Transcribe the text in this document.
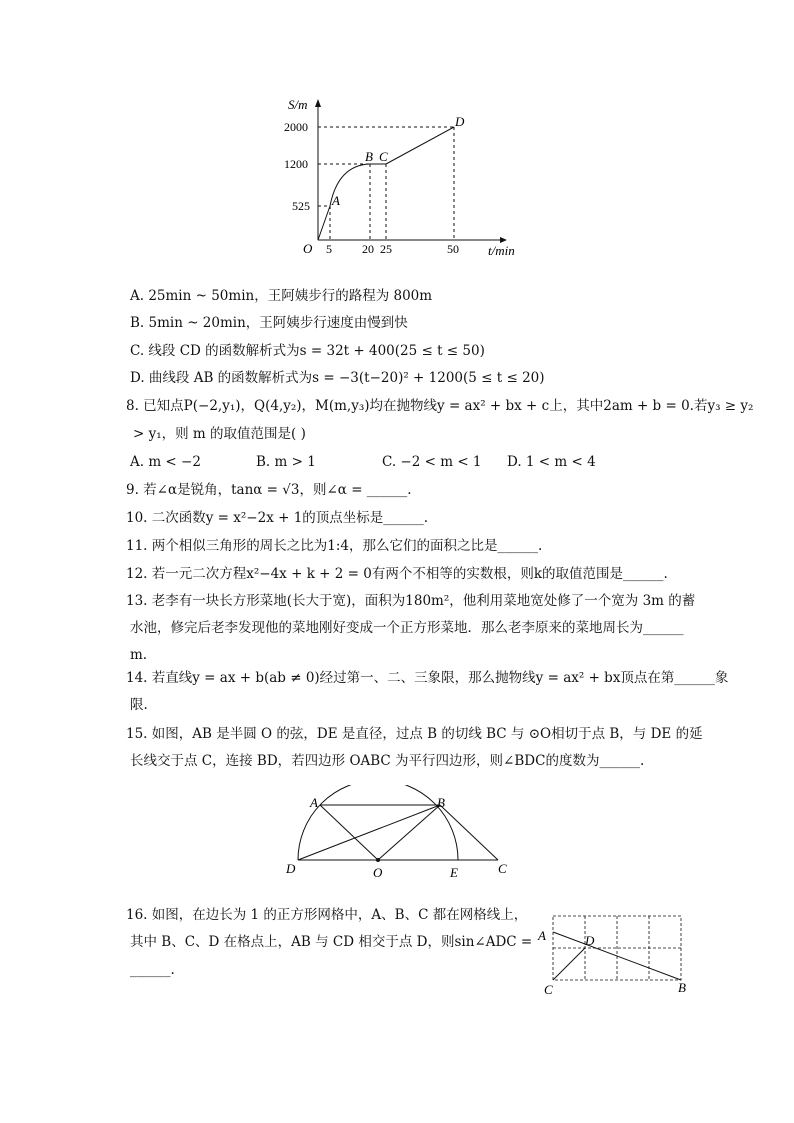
S/m
t/min
O
2000
1200
525
5	20 25	50
A
B C
D
A. 25min ~ 50min，王阿姨步行的路程为 800m
B. 5min ~ 20min，王阿姨步行速度由慢到快
C. 线段 CD 的函数解析式为s = 32t + 400(25 ≤ t ≤ 50)
D. 曲线段 AB 的函数解析式为s = −3(t−20)² + 1200(5 ≤ t ≤ 20)
8. 已知点P(−2,y₁)，Q(4,y₂)，M(m,y₃)均在抛物线y = ax² + bx + c上，其中2am + b = 0.若y₃ ≥ y₂
> y₁，则 m 的取值范围是( )
A. m < −2	B. m > 1	C. −2 < m < 1 D. 1 < m < 4
9. 若∠α是锐角，tanα = √3，则∠α = ______.
10. 二次函数y = x²−2x + 1的顶点坐标是______.
11. 两个相似三角形的周长之比为1:4，那么它们的面积之比是______.
12. 若一元二次方程x²−4x + k + 2 = 0有两个不相等的实数根，则k的取值范围是______.
13. 老李有一块长方形菜地(长大于宽)，面积为180m²，他利用菜地宽处修了一个宽为 3m 的蓄
水池，修完后老李发现他的菜地刚好变成一个正方形菜地．那么老李原来的菜地周长为______
m.
14. 若直线y = ax + b(ab ≠ 0)经过第一、二、三象限，那么抛物线y = ax² + bx顶点在第______象
限.
15. 如图，AB 是半圆 O 的弦，DE 是直径，过点 B 的切线 BC 与 ⊙O相切于点 B，与 DE 的延
长线交于点 C，连接 BD，若四边形 OABC 为平行四边形，则∠BDC的度数为______.
A	B
D	O	E	C
16. 如图，在边长为 1 的正方形网格中，A、B、C 都在网格线上，
其中 B、C、D 在格点上，AB 与 CD 相交于点 D，则sin∠ADC =
______.
A	D
C	B
